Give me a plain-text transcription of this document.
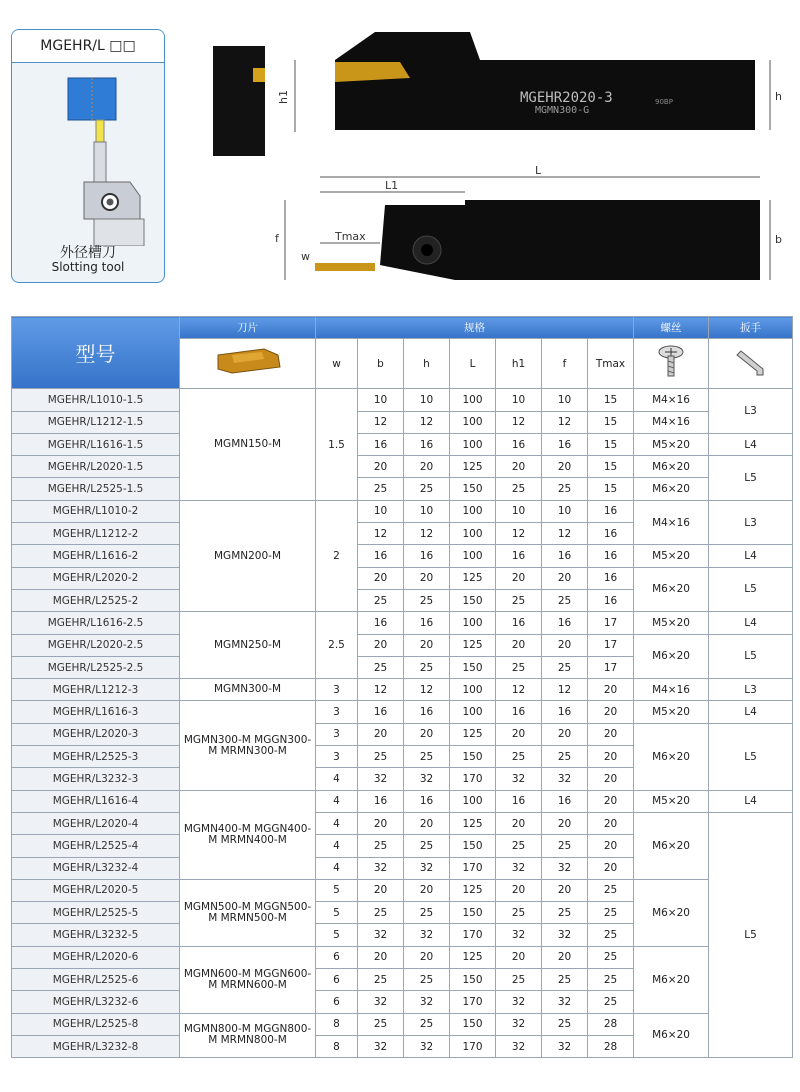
MGEHR/L □□
外径槽刀
Slotting tool
MGEHR2020-3
MGMN300-G
90BP
h1	h
L
L1
Tmax
f
w
b
型号	刀片	规格							螺丝	扳手
	w	b	h	L	h1	f	Tmax		
MGEHR/L1010-1.5	MGMN150-M	1.5	10	10	100	10	10	15	M4×16	L3
MGEHR/L1212-1.5			12	12	100	12	12	15	M4×16	
MGEHR/L1616-1.5			16	16	100	16	16	15	M5×20	L4
MGEHR/L2020-1.5			20	20	125	20	20	15	M6×20	L5
MGEHR/L2525-1.5			25	25	150	25	25	15	M6×20	
MGEHR/L1010-2	MGMN200-M	2	10	10	100	10	10	16	M4×16	L3
MGEHR/L1212-2			12	12	100	12	12	16		
MGEHR/L1616-2			16	16	100	16	16	16	M5×20	L4
MGEHR/L2020-2			20	20	125	20	20	16	M6×20	L5
MGEHR/L2525-2			25	25	150	25	25	16		
MGEHR/L1616-2.5	MGMN250-M	2.5	16	16	100	16	16	17	M5×20	L4
MGEHR/L2020-2.5			20	20	125	20	20	17	M6×20	L5
MGEHR/L2525-2.5			25	25	150	25	25	17		
MGEHR/L1212-3	MGMN300-M	3	12	12	100	12	12	20	M4×16	L3
MGEHR/L1616-3	MGMN300-M MGGN300-M MRMN300-M	3	16	16	100	16	16	20	M5×20	L4
MGEHR/L2020-3		3	20	20	125	20	20	20	M6×20	L5
MGEHR/L2525-3		3	25	25	150	25	25	20		
MGEHR/L3232-3		4	32	32	170	32	32	20		
MGEHR/L1616-4	MGMN400-M MGGN400-M MRMN400-M	4	16	16	100	16	16	20	M5×20	L4
MGEHR/L2020-4		4	20	20	125	20	20	20	M6×20	L5
MGEHR/L2525-4		4	25	25	150	25	25	20		
MGEHR/L3232-4		4	32	32	170	32	32	20		
MGEHR/L2020-5	MGMN500-M MGGN500-M MRMN500-M	5	20	20	125	20	20	25	M6×20	
MGEHR/L2525-5		5	25	25	150	25	25	25		
MGEHR/L3232-5		5	32	32	170	32	32	25		
MGEHR/L2020-6	MGMN600-M MGGN600-M MRMN600-M	6	20	20	125	20	20	25	M6×20	
MGEHR/L2525-6		6	25	25	150	25	25	25		
MGEHR/L3232-6		6	32	32	170	32	32	25		
MGEHR/L2525-8	MGMN800-M MGGN800-M MRMN800-M	8	25	25	150	32	25	28	M6×20	
MGEHR/L3232-8		8	32	32	170	32	32	28		
